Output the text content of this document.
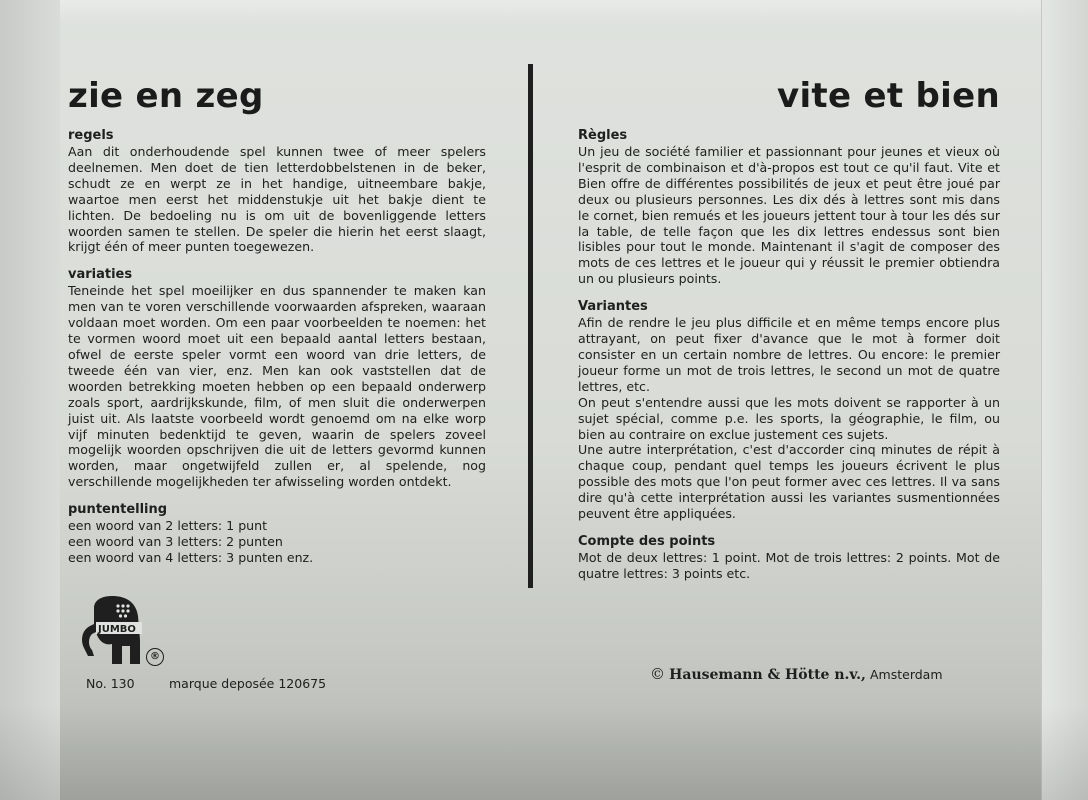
zie en zeg

regels

Aan dit onderhoudende spel kunnen twee of meer spelers deelnemen. Men doet de tien letterdobbelstenen in de beker, schudt ze en werpt ze in het handige, uitneembare bakje, waartoe men eerst het middenstukje uit het bakje dient te lichten. De bedoeling nu is om uit de bovenliggende letters woorden samen te stellen. De speler die hierin het eerst slaagt, krijgt één of meer punten toegewezen.

variaties

Teneinde het spel moeilijker en dus spannender te maken kan men van te voren verschillende voorwaarden afspreken, waaraan voldaan moet worden. Om een paar voorbeelden te noemen: het te vormen woord moet uit een bepaald aantal letters bestaan, ofwel de eerste speler vormt een woord van drie letters, de tweede één van vier, enz. Men kan ook vaststellen dat de woorden betrekking moeten hebben op een bepaald onderwerp zoals sport, aardrijkskunde, film, of men sluit die onderwerpen juist uit. Als laatste voorbeeld wordt genoemd om na elke worp vijf minuten bedenktijd te geven, waarin de spelers zoveel mogelijk woorden opschrijven die uit de letters gevormd kunnen worden, maar ongetwijfeld zullen er, al spelende, nog verschillende mogelijkheden ter afwisseling worden ontdekt.

puntentelling

een woord van 2 letters: 1 punt

een woord van 3 letters: 2 punten

een woord van 4 letters: 3 punten enz.

vite et bien

Règles

Un jeu de société familier et passionnant pour jeunes et vieux où l'esprit de combinaison et d'à-propos est tout ce qu'il faut. Vite et Bien offre de différentes possibilités de jeux et peut être joué par deux ou plusieurs personnes. Les dix dés à lettres sont mis dans le cornet, bien remués et les joueurs jettent tour à tour les dés sur la table, de telle façon que les dix lettres endessus sont bien lisibles pour tout le monde. Maintenant il s'agit de composer des mots de ces lettres et le joueur qui y réussit le premier obtiendra un ou plusieurs points.

Variantes

Afin de rendre le jeu plus difficile et en même temps encore plus attrayant, on peut fixer d'avance que le mot à former doit consister en un certain nombre de lettres. Ou encore: le premier joueur forme un mot de trois lettres, le second un mot de quatre lettres, etc.

On peut s'entendre aussi que les mots doivent se rapporter à un sujet spécial, comme p.e. les sports, la géographie, le film, ou bien au contraire on exclue justement ces sujets.

Une autre interprétation, c'est d'accorder cinq minutes de répit à chaque coup, pendant quel temps les joueurs écrivent le plus possible des mots que l'on peut former avec ces lettres. Il va sans dire qu'à cette interprétation aussi les variantes susmentionnées peuvent être appliquées.

Compte des points

Mot de deux lettres: 1 point. Mot de trois lettres: 2 points. Mot de quatre lettres: 3 points etc.

JUMBO
®
No. 130	marque deposée 120675
© Hausemann & Hötte n.v., Amsterdam
